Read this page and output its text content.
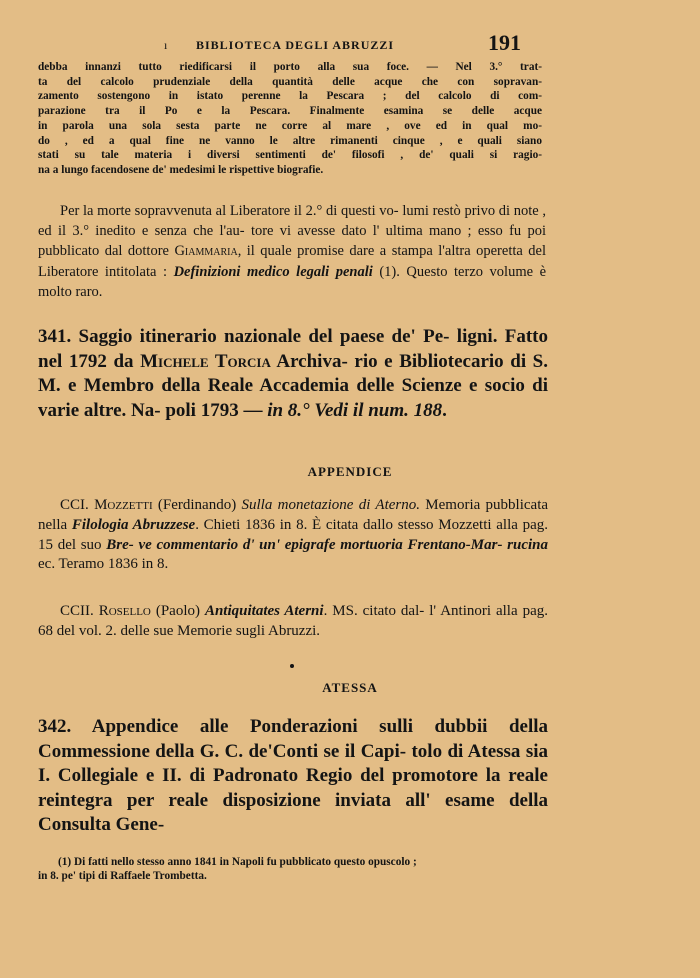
ı BIBLIOTECA DEGLI ABRUZZI	191
debba innanzi tutto riedificarsi il porto alla sua foce. — Nel 3.° trat-
ta del calcolo prudenziale della quantità delle acque che con sopravan-
zamento sostengono in istato perenne la Pescara ; del calcolo di com-
parazione tra il Po e la Pescara. Finalmente esamina se delle acque
in parola una sola sesta parte ne corre al mare , ove ed in qual mo-
do , ed a qual fine ne vanno le altre rimanenti cinque , e quali siano
stati su tale materia i diversi sentimenti de' filosofi , de' quali si ragio-
na a lungo facendosene de' medesimi le rispettive biografie.
Per la morte sopravvenuta al Liberatore il 2.° di questi vo- lumi restò privo di note , ed il 3.° inedito e senza che l'au- tore vi avesse dato l' ultima mano ; esso fu poi pubblicato dal dottore Giammaria, il quale promise dare a stampa l'altra operetta del Liberatore intitolata : Definizioni medico legali penali (1). Questo terzo volume è molto raro.
341. Saggio itinerario nazionale del paese de' Pe- ligni. Fatto nel 1792 da Michele Torcia Archiva- rio e Bibliotecario di S. M. e Membro della Reale Accademia delle Scienze e socio di varie altre. Na- poli 1793 — in 8.° Vedi il num. 188.
APPENDICE
CCI. Mozzetti (Ferdinando) Sulla monetazione di Aterno. Memoria pubblicata nella Filologia Abruzzese. Chieti 1836 in 8. È citata dallo stesso Mozzetti alla pag. 15 del suo Bre- ve commentario d' un' epigrafe mortuoria Frentano-Mar- rucina ec. Teramo 1836 in 8.
CCII. Rosello (Paolo) Antiquitates Aterni. MS. citato dal- l' Antinori alla pag. 68 del vol. 2. delle sue Memorie sugli Abruzzi.
ATESSA
342. Appendice alle Ponderazioni sulli dubbii della Commessione della G. C. de'Conti se il Capi- tolo di Atessa sia I. Collegiale e II. di Padronato Regio del promotore la reale reintegra per reale disposizione inviata all' esame della Consulta Gene-
(1) Di fatti nello stesso anno 1841 in Napoli fu pubblicato questo opuscolo ;
in 8. pe' tipi di Raffaele Trombetta.
